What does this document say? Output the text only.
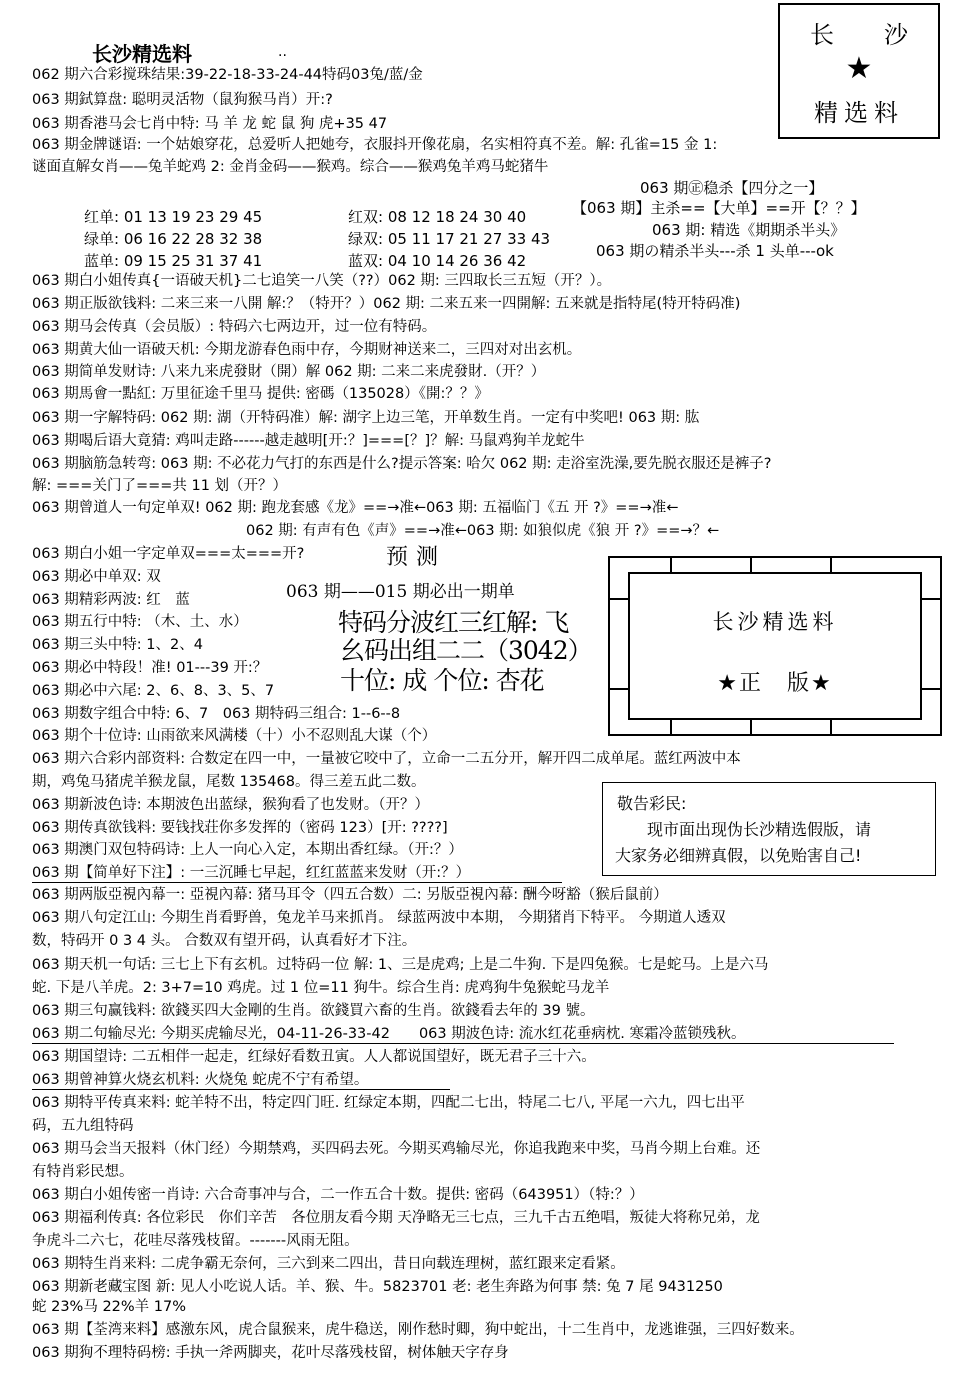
长沙精选料	..
长 沙
★
精选料
062 期六合彩搅珠结果:39-22-18-33-24-44特码03兔/蓝/金
063 期鉽算盘: 聪明灵活物（鼠狗猴马肖）开:?
063 期香港马会七肖中特: 马 羊 龙 蛇 鼠 狗 虎+35 47
063 期金牌谜语: 一个姑娘穿花，总爱听人把她夸，衣服抖开像花扇，名实相符真不差。解: 孔雀=15 金 1:
谜面直解女肖——兔羊蛇鸡 2: 金肖金码——猴鸡。综合——猴鸡兔羊鸡马蛇猪牛
063 期㊣稳杀【四分之一】
【063 期】主杀==【大单】==开【？？】
063 期: 精选《期期杀半头》
063 期の精杀半头---杀 1 头单---ok
红单: 01 13 19 23 29 45	红双: 08 12 18 24 30 40
绿单: 06 16 22 28 32 38	绿双: 05 11 17 21 27 33 43
蓝单: 09 15 25 31 37 41	蓝双: 04 10 14 26 36 42
063 期白小姐传真{一语破天机}二七追笑一八笑（??）062 期: 三四取长三五短（开？）。
063 期正版欲钱料: 二来三来一八開 解:？（特开？）062 期: 二来五来一四開解: 五来就是指特尾(特开特码准)
063 期马会传真（会员版）: 特码六七两边开，过一位有特码。
063 期黄大仙一语破天机: 今期龙游春色雨中存，今期财神送来二，三四对对出玄机。
063 期简单发财诗: 八来九来虎發財（開）解 062 期: 二来二来虎發財.（开？）
063 期馬會一點紅: 万里征途千里马 提供: 密碼（135028）《開:？？》
063 期一字解特码: 062 期: 湖（开特码准）解: 湖字上边三笔，开单数生肖。一定有中奖吧! 063 期: 肱
063 期喝后语大竟猜: 鸡叫走路------越走越明[开:？]===[？]？解: 马鼠鸡狗羊龙蛇牛
063 期脑筋急转弯: 063 期: 不必花力气打的东西是什么?提示答案: 哈欠 062 期: 走浴室洗澡,要先脱衣服还是裤子?
解: ===关门了===共 11 划（开？）
063 期曾道人一句定单双! 062 期: 跑龙套感《龙》==→准←063 期: 五福临门《五 开 ?》==→准←
062 期: 有声有色《声》==→准←063 期: 如狼似虎《狼 开 ?》==→？←
063 期白小姐一字定单双===太===开?
063 期必中单双: 双
063 期精彩两波: 红　蓝
063 期五行中特: （木、土、水）
063 期三头中特: 1、2、4
063 期必中特段！准! 01---39 开:？
063 期必中六尾: 2、6、8、3、5、7
063 期数字组合中特: 6、7　063 期特码三组合: 1--6--8
063 期个十位诗: 山雨欲来风满楼（十）小不忍则乱大谋（个）
预测
063 期——015 期必出一期单
特码分波红三红解: 飞
幺码出组二二（3042）
十位: 成 个位: 杏花
长沙精选料
★正　版★
063 期六合彩内部资料: 合数定在四一中，一量被它咬中了，立命一二五分开，解开四二成单尾。蓝红两波中本
期，鸡兔马猪虎羊猴龙鼠，尾数 135468。得三差五此二数。
063 期新波色诗: 本期波色出蓝绿，猴狗看了也发财。（开？）
063 期传真欲钱料: 要钱找荘你多发挥的（密码 123）[开: ????]
063 期澳门双包特码诗: 上人一向心入定，本期出香红绿。（开:？）
063 期【简单好下注】: 一三沉睡七早起，红红蓝蓝来发财（开:？）
敬告彩民:
现市面出现伪长沙精选假版，请
大家务必细辨真假，以免贻害自己!
063 期两版亞視內幕一: 亞視內幕: 猪马耳令（四五合数）二: 另版亞視內幕: 酬今呀豁（猴后鼠前）
063 期八句定江山: 今期生肖看野兽，兔龙羊马来抓肖。 绿蓝两波中本期， 今期猪肖下特平。 今期道人透双
数，特码开 0 3 4 头。 合数双有望开码，认真看好才下注。
063 期天机一句话: 三七上下有玄机。过特码一位 解: 1、三是虎鸡; 上是二牛狗. 下是四兔猴。七是蛇马。上是六马
蛇. 下是八羊虎。2: 3+7=10 鸡虎。过 1 位=11 狗牛。综合生肖: 虎鸡狗牛兔猴蛇马龙羊
063 期三句赢钱料: 欲錢买四大金剛的生肖。欲錢買六畜的生肖。欲錢看去年的 39 號。
063 期二句输尽光: 今期买虎输尽光，04-11-26-33-42　　063 期波色诗: 流水红花垂病枕. 寒霜冷蓝锁残秋。
063 期国望诗: 二五相伴一起走，红绿好看数丑寅。人人都说国望好，既无君子三十六。
063 期曾神算火烧玄机料: 火烧兔 蛇虎不宁有希望。
063 期特平传真来料: 蛇羊特不出，特定四门旺. 红绿定本期，四配二七出，特尾二七八, 平尾一六九，四七出平
码，五九组特码
063 期马会当天报料（休门经）今期禁鸡，买四码去死。今期买鸡输尽光，你追我跑来中奖，马肖今期上台难。还
有特肖彩民想。
063 期白小姐传密一肖诗: 六合奇事冲与合，二一作五合十数。提供: 密码（643951）（特:？）
063 期福利传真: 各位彩民　你们辛苦　各位朋友看今期 天净略无三七点，三九千古五绝唱，叛徒大将称兄弟，龙
争虎斗二六七，花哇尽落残枝留。-------风雨无阻。
063 期特生肖来料: 二虎争霸无奈何，三六到来二四出，昔日向载连理树，蓝红跟来定看紧。
063 期新老藏宝图 新: 见人小吃说人话。羊、猴、牛。5823701 老: 老生奔路为何事 禁: 兔 7 尾 9431250
蛇 23%马 22%羊 17%
063 期【荃湾来料】感激东风，虎合鼠猴来，虎牛稳送，刚作愁时卿，狗中蛇出，十二生肖中，龙逃谁强，三四好数来。
063 期狗不理特码榜: 手执一斧两脚夹，花叶尽落残枝留，树体触天字存身
